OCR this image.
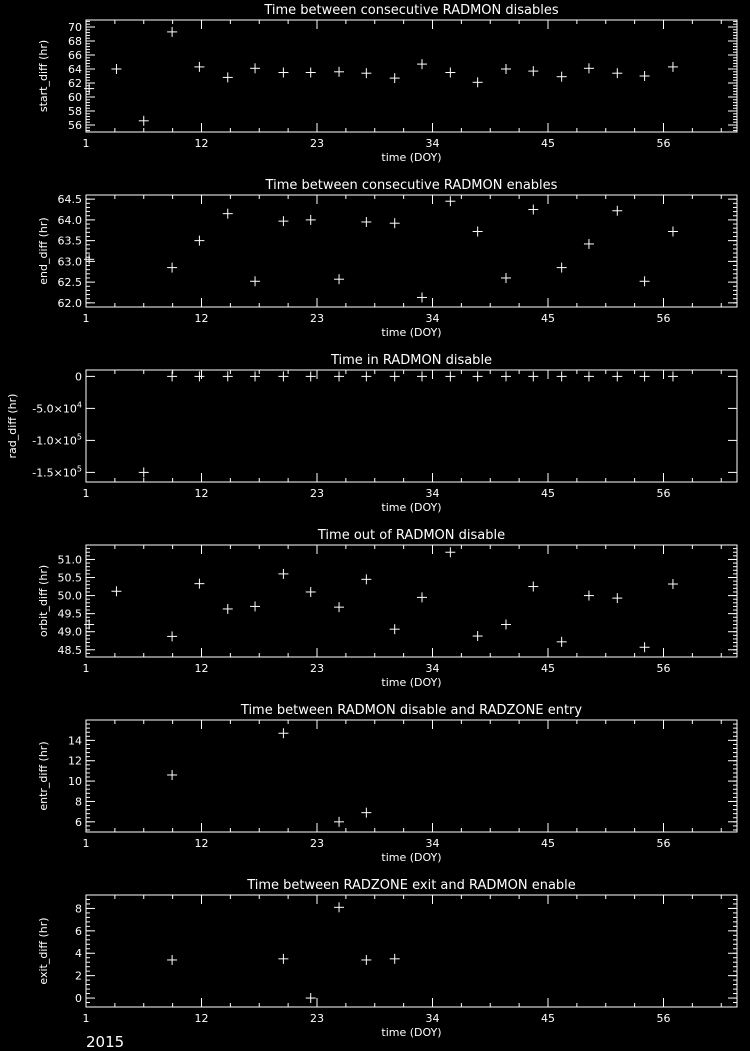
Time between consecutive RADMON disables
1	12	23	34	45	56
time (DOY)
56
58
60
62
64
66
68
70
start_diff (hr)
Time between consecutive RADMON enables
1	12	23	34	45	56
time (DOY)
62.0
62.5
63.0
63.5
64.0
64.5
end_diff (hr)
Time in RADMON disable
1	12	23	34	45	56
time (DOY)
0
$-5.0\times 10^4$
$-1.0\times 10^5$
$-1.5\times 10^5$
rad_diff (hr)
Time out of RADMON disable
1	12	23	34	45	56
time (DOY)
48.5
49.0
49.5
50.0
50.5
51.0
orbit_diff (hr)
Time between RADMON disable and RADZONE entry
1	12	23	34	45	56
time (DOY)
6
8
10
12
14
entr_diff (hr)
Time between RADZONE exit and RADMON enable
1	12	23	34	45	56
time (DOY)
0
2
4
6
8
exit_diff (hr)
2015
